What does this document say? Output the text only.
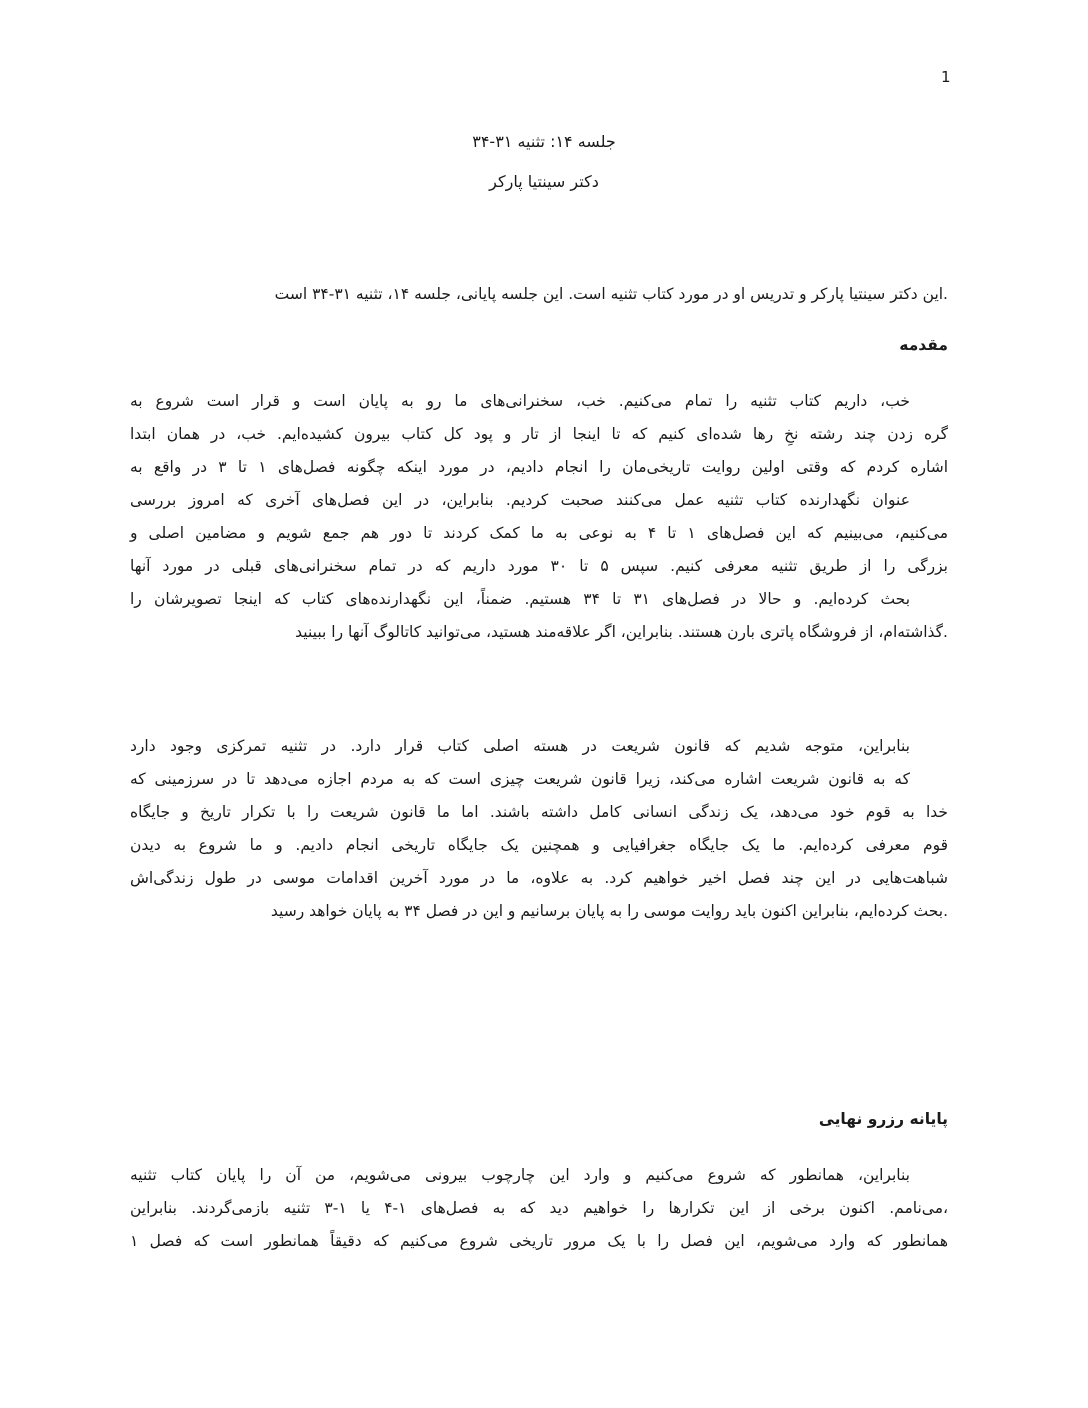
1
جلسه ۱۴: تثنیه ۳۱-۳۴
دکتر سینتیا پارکر
.این دکتر سینتیا پارکر و تدریس او در مورد کتاب تثنیه است. این جلسه پایانی، جلسه ۱۴، تثنیه ۳۱-۳۴ است
مقدمه
خب، داریم کتاب تثنیه را تمام می‌کنیم. خب، سخنرانی‌های ما رو به پایان است و قرار است شروع به
گره زدن چند رشته نخِ رها شده‌ای کنیم که تا اینجا از تار و پود کل کتاب بیرون کشیده‌ایم. خب، در همان ابتدا
اشاره کردم که وقتی اولین روایت تاریخی‌مان را انجام دادیم، در مورد اینکه چگونه فصل‌های ۱ تا ۳ در واقع به
عنوان نگهدارنده کتاب تثنیه عمل می‌کنند صحبت کردیم. بنابراین، در این فصل‌های آخری که امروز بررسی
می‌کنیم، می‌بینیم که این فصل‌های ۱ تا ۴ به نوعی به ما کمک کردند تا دور هم جمع شویم و مضامین اصلی و
بزرگی را از طریق تثنیه معرفی کنیم. سپس ۵ تا ۳۰ مورد داریم که در تمام سخنرانی‌های قبلی در مورد آنها
بحث کرده‌ایم. و حالا در فصل‌های ۳۱ تا ۳۴ هستیم. ضمناً، این نگهدارنده‌های کتاب که اینجا تصویرشان را
.گذاشته‌ام، از فروشگاه پاتری بارن هستند. بنابراین، اگر علاقه‌مند هستید، می‌توانید کاتالوگ آنها را ببینید
بنابراین، متوجه شدیم که قانون شریعت در هسته اصلی کتاب قرار دارد. در تثنیه تمرکزی وجود دارد
که به قانون شریعت اشاره می‌کند، زیرا قانون شریعت چیزی است که به مردم اجازه می‌دهد تا در سرزمینی که
خدا به قوم خود می‌دهد، یک زندگی انسانی کامل داشته باشند. اما ما قانون شریعت را با تکرار تاریخ و جایگاه
قوم معرفی کرده‌ایم. ما یک جایگاه جغرافیایی و همچنین یک جایگاه تاریخی انجام دادیم. و ما شروع به دیدن
شباهت‌هایی در این چند فصل اخیر خواهیم کرد. به علاوه، ما در مورد آخرین اقدامات موسی در طول زندگی‌اش
.بحث کرده‌ایم، بنابراین اکنون باید روایت موسی را به پایان برسانیم و این در فصل ۳۴ به پایان خواهد رسید
پایانه رزرو نهایی
بنابراین، همانطور که شروع می‌کنیم و وارد این چارچوب بیرونی می‌شویم، من آن را پایان کتاب تثنیه
،می‌نامم. اکنون برخی از این تکرارها را خواهیم دید که به فصل‌های ۱-۴ یا ۱-۳ تثنیه بازمی‌گردند. بنابراین
همانطور که وارد می‌شویم، این فصل را با یک مرور تاریخی شروع می‌کنیم که دقیقاً همانطور است که فصل ۱
